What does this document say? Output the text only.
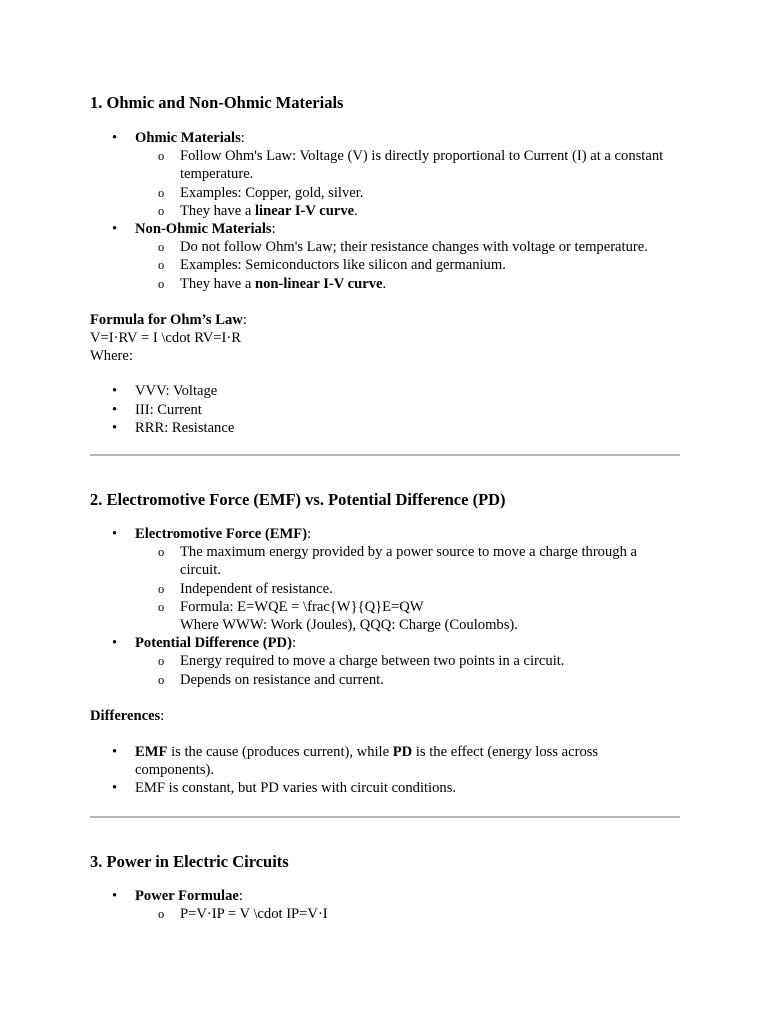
1. Ohmic and Non-Ohmic Materials
• Ohmic Materials:
o Follow Ohm's Law: Voltage (V) is directly proportional to Current (I) at a constant temperature.
o Examples: Copper, gold, silver.
o They have a linear I-V curve.
• Non-Ohmic Materials:
o Do not follow Ohm's Law; their resistance changes with voltage or temperature.
o Examples: Semiconductors like silicon and germanium.
o They have a non-linear I-V curve.
Formula for Ohm’s Law:
V=I·RV = I \cdot RV=I·R
Where:
• VVV: Voltage
• III: Current
• RRR: Resistance
2. Electromotive Force (EMF) vs. Potential Difference (PD)
• Electromotive Force (EMF):
o The maximum energy provided by a power source to move a charge through a circuit.
o Independent of resistance.
o Formula: E=WQE = \frac{W}{Q}E=QW
Where WWW: Work (Joules), QQQ: Charge (Coulombs).
• Potential Difference (PD):
o Energy required to move a charge between two points in a circuit.
o Depends on resistance and current.
Differences:
• EMF is the cause (produces current), while PD is the effect (energy loss across components).
• EMF is constant, but PD varies with circuit conditions.
3. Power in Electric Circuits
• Power Formulae:
o P=V·IP = V \cdot IP=V·I
